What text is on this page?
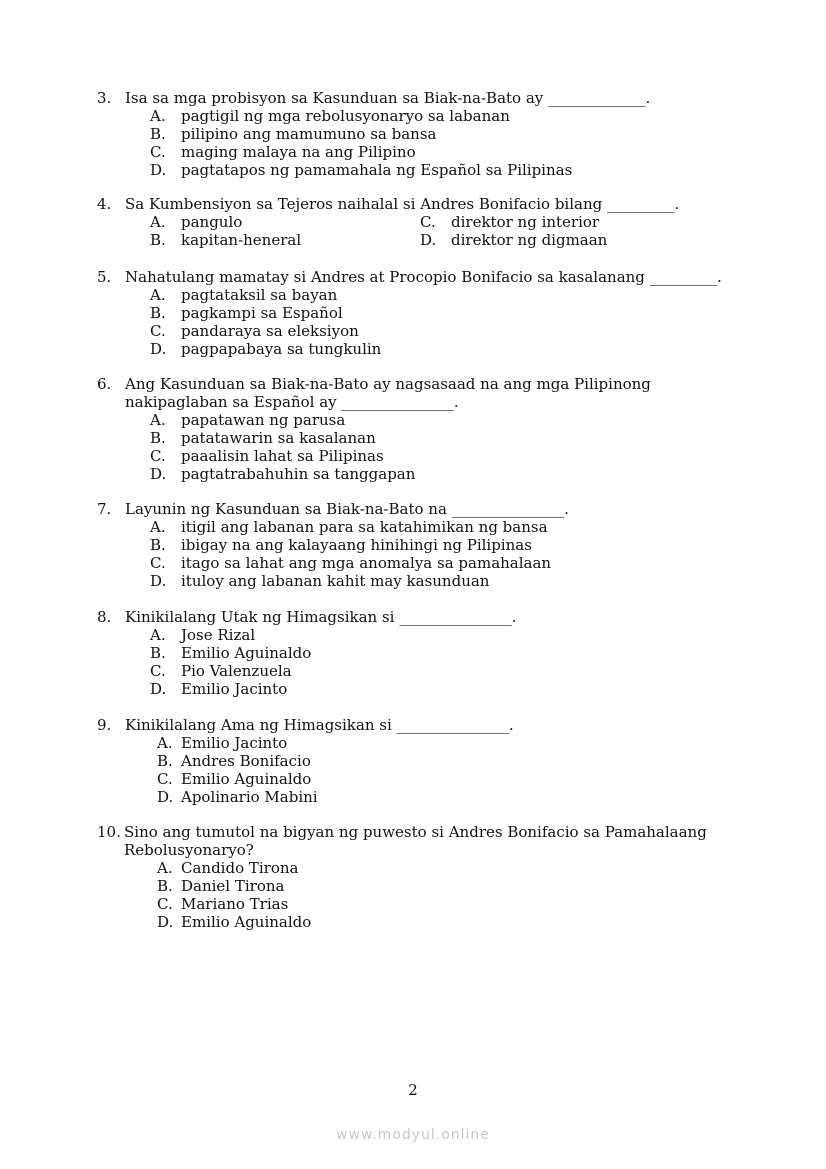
3. Isa sa mga probisyon sa Kasunduan sa Biak-na-Bato ay _____________.
A.	pagtigil ng mga rebolusyonaryo sa labanan
B.	pilipino ang mamumuno sa bansa
C.	maging malaya na ang Pilipino
D. pagtatapos ng pamamahala ng Español sa Pilipinas
4. Sa Kumbensiyon sa Tejeros naihalal si Andres Bonifacio bilang _________.
A.	pangulo	C.	direktor ng interior
B.	kapitan-heneral	D. direktor ng digmaan
5. Nahatulang mamatay si Andres at Procopio Bonifacio sa kasalanang _________.
A.	pagtataksil sa bayan
B.	pagkampi sa Español
C.	pandaraya sa eleksiyon
D. pagpapabaya sa tungkulin
6. Ang Kasunduan sa Biak-na-Bato ay nagsasaad na ang mga Pilipinong nakipaglaban sa Español ay _______________.
A.	papatawan ng parusa
B.	patatawarin sa kasalanan
C.	paaalisin lahat sa Pilipinas
D. pagtatrabahuhin sa tanggapan
7. Layunin ng Kasunduan sa Biak-na-Bato na _______________.
A.	itigil ang labanan para sa katahimikan ng bansa
B.	ibigay na ang kalayaang hinihingi ng Pilipinas
C.	itago sa lahat ang mga anomalya sa pamahalaan
D. ituloy ang labanan kahit may kasunduan
8. Kinikilalang Utak ng Himagsikan si _______________.
A.	Jose Rizal
B.	Emilio Aguinaldo
C.	Pio Valenzuela
D. Emilio Jacinto
9. Kinikilalang Ama ng Himagsikan si _______________.
A. Emilio Jacinto
B. Andres Bonifacio
C. Emilio Aguinaldo
D. Apolinario Mabini
10. Sino ang tumutol na bigyan ng puwesto si Andres Bonifacio sa Pamahalaang Rebolusyonaryo?
A. Candido Tirona
B. Daniel Tirona
C. Mariano Trias
D. Emilio Aguinaldo
2
www.modyul.online
